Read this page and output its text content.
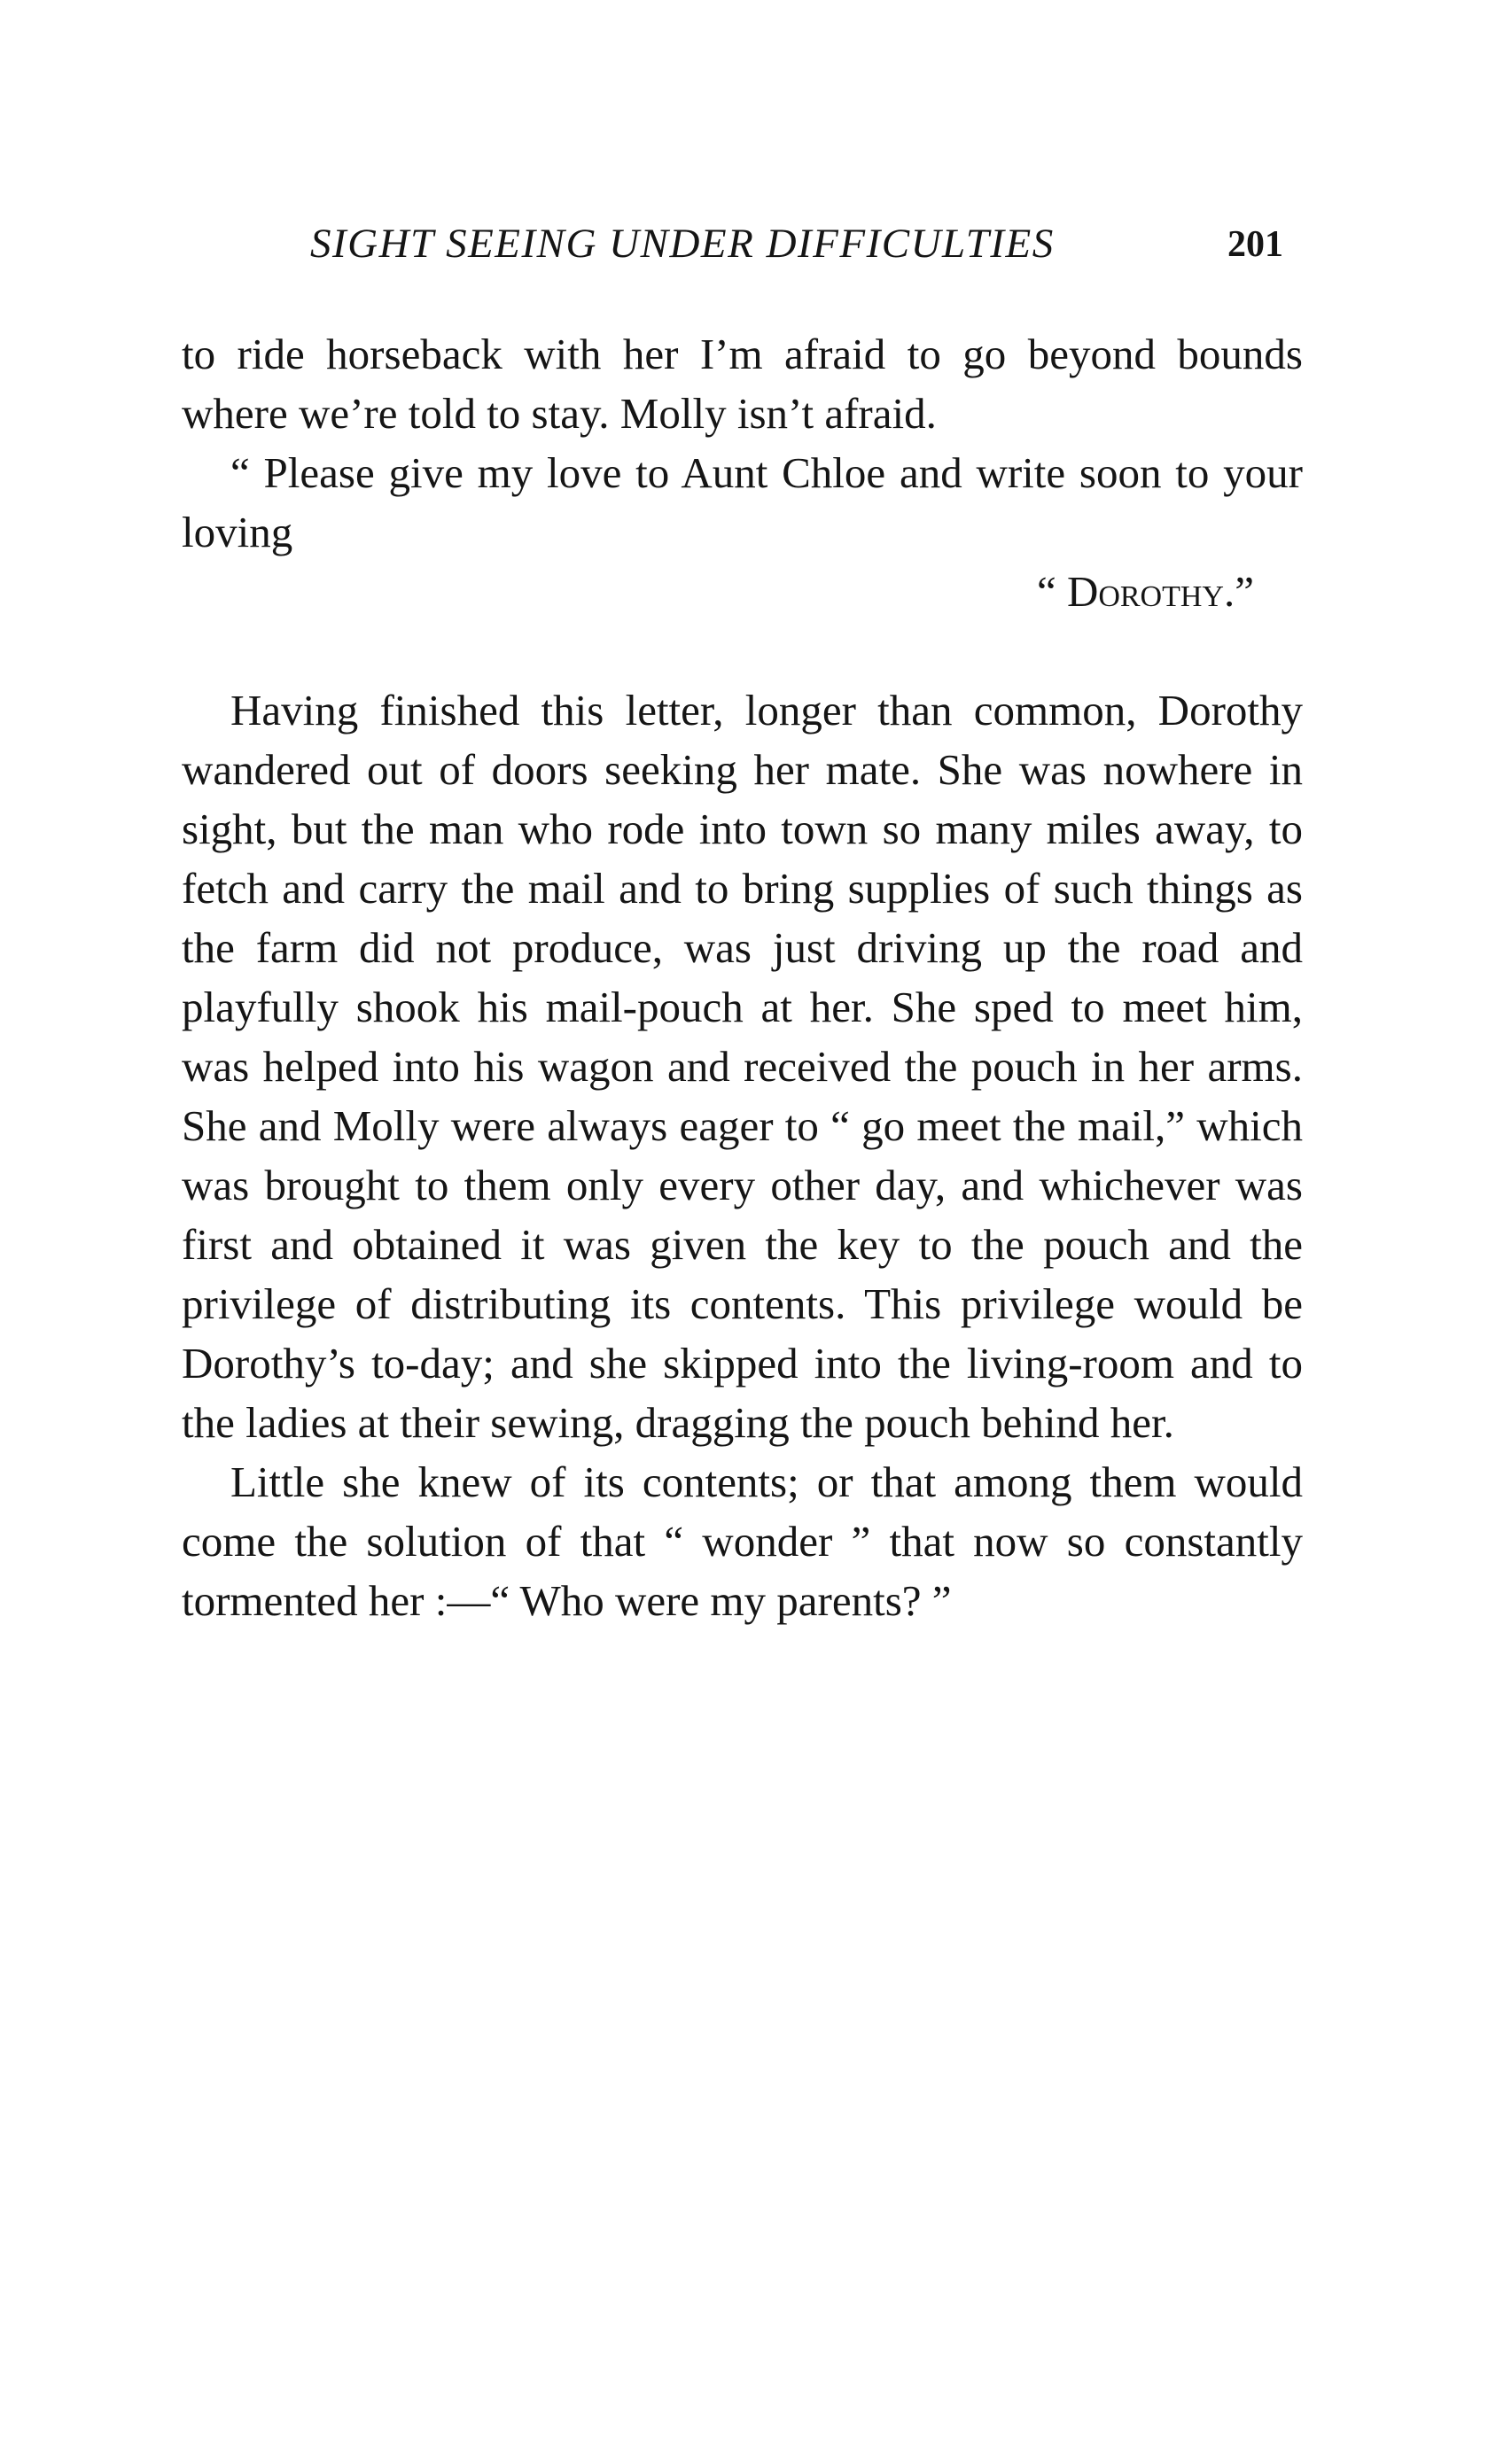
SIGHT SEEING UNDER DIFFICULTIES	201

to ride horseback with her I’m afraid to go beyond bounds where we’re told to stay. Molly isn’t afraid.

“ Please give my love to Aunt Chloe and write soon to your loving

“ Dorothy.”

Having finished this letter, longer than common, Dorothy wandered out of doors seeking her mate. She was nowhere in sight, but the man who rode into town so many miles away, to fetch and carry the mail and to bring supplies of such things as the farm did not produce, was just driving up the road and playfully shook his mail-pouch at her. She sped to meet him, was helped into his wagon and received the pouch in her arms. She and Molly were always eager to “ go meet the mail,” which was brought to them only every other day, and whichever was first and obtained it was given the key to the pouch and the privilege of distributing its contents. This privilege would be Dorothy’s to-day; and she skipped into the living-room and to the ladies at their sewing, dragging the pouch behind her.

Little she knew of its contents; or that among them would come the solution of that “ wonder ” that now so constantly tormented her :—“ Who were my parents? ”
